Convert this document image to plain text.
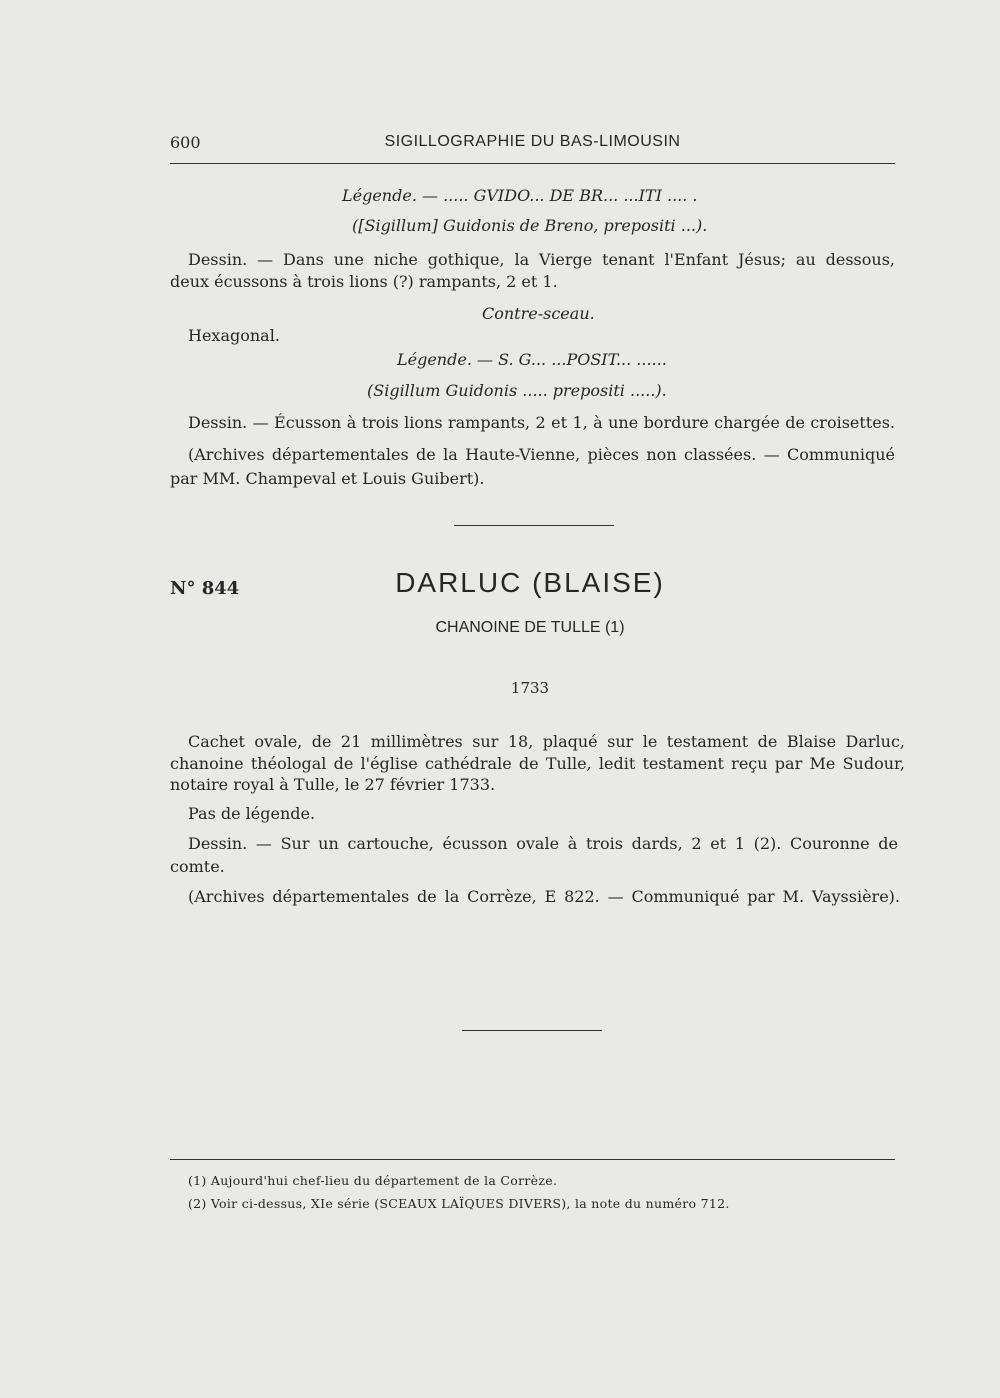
600	SIGILLOGRAPHIE DU BAS-LIMOUSIN
Légende. — ..... GVIDO... DE BR... ...ITI .... .
([Sigillum] Guidonis de Breno, prepositi ...).
Dessin. — Dans une niche gothique, la Vierge tenant l'Enfant Jésus; au dessous,
deux écussons à trois lions (?) rampants, 2 et 1.
Contre-sceau.
Hexagonal.
Légende. — S. G... ...POSIT... ......
(Sigillum Guidonis ..... prepositi .....).
Dessin. — Écusson à trois lions rampants, 2 et 1, à une bordure chargée de croisettes.
(Archives départementales de la Haute-Vienne, pièces non classées. — Communiqué
par MM. Champeval et Louis Guibert).
N° 844	DARLUC (BLAISE)
CHANOINE DE TULLE (1)
1733
Cachet ovale, de 21 millimètres sur 18, plaqué sur le testament de Blaise Darluc,
chanoine théologal de l'église cathédrale de Tulle, ledit testament reçu par Me Sudour,
notaire royal à Tulle, le 27 février 1733.
Pas de légende.
Dessin. — Sur un cartouche, écusson ovale à trois dards, 2 et 1 (2). Couronne de
comte.
(Archives départementales de la Corrèze, E 822. — Communiqué par M. Vayssière).
(1) Aujourd'hui chef-lieu du département de la Corrèze.
(2) Voir ci-dessus, XIe série (SCEAUX LAÏQUES DIVERS), la note du numéro 712.
